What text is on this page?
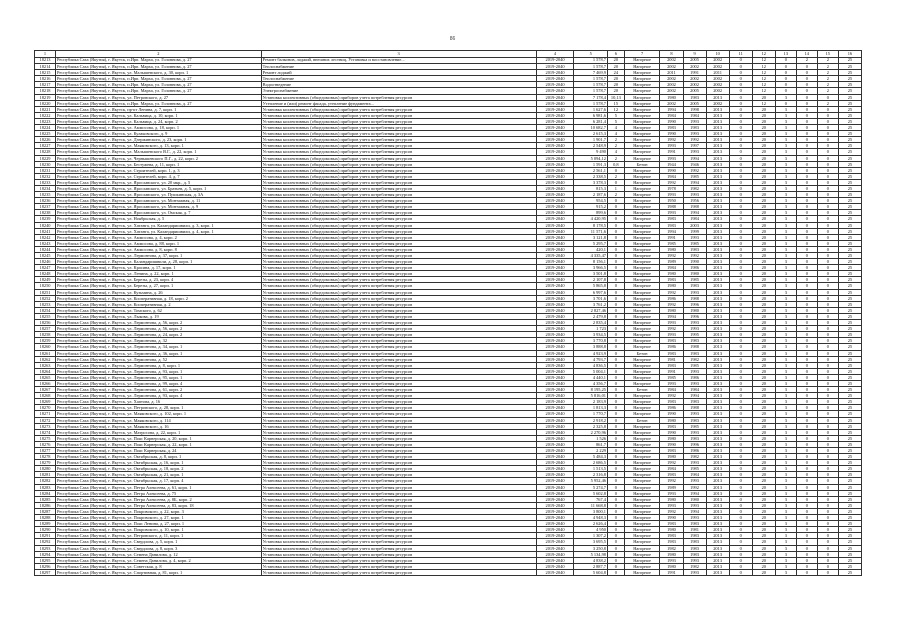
86
1	2	3	4	5	6	7	8	9	10	11	12	13	14	15	16
18213	Республика Саха (Якутия), г. Якутск, п.Ирп. Марха, ул. Головнова, д. 27	Ремонт балконов, лоджий, внешних лестниц, Установка и восстановление...	2019-2040	1 578,7	20	Нагорное	2002	2005	2002	0	12	0	2	2	25
18214	Республика Саха (Якутия), г. Якутск, п.Ирп. Марха, ул. Головнова, д. 27	Теплоснабжение	2019-2040	1 578,7	20	Нагорное	2002	2002	2002	0	12	0	0	2	25
18215	Республика Саха (Якутия), г. Якутск, ул. Малышевского, д. 30, корп. 1	Ремонт лоджий	2019-2040	7 469,9	24	Нагорное	2011	1991	2011	0	12	0	0	2	25
18216	Республика Саха (Якутия), г. Якутск, п.Ирп. Марха, ул. Головнова, д. 27	Теплоснабжение	2019-2040	1 578,7	20	Нагорное	2002	2002	2002	0	12	0	0	2	25
18217	Республика Саха (Якутия), г. Якутск, п.Ирп. Марха, ул. Головнова, д. 27	Водоотведение	2019-2040	1 578,7	20	Нагорное	2002	2002	2002	0	12	0	0	2	25
18218	Республика Саха (Якутия), г. Якутск, п.Ирп. Марха, ул. Головнова, д. 27	Электроснабжение	2019-2040	1 578,7	20	Нагорное	2002	2005	2002	0	12	0	0	2	25
18219	Республика Саха (Якутия), г. Якутск, ул. Петровского, д. 27	Установка коллективных (общедомовых) приборов учета потребления ресурсов	2019-2040	7 178,4	10,13	Нагорное	1980	1983	2013	0	20	3	0	0	25
18220	Республика Саха (Якутия), г. Якутск, п.Ирп. Марха, ул. Головнова, д. 27	Утепление и (или) ремонт фасада, утепление фундамента...	2019-2040	1 578,7	15	Нагорное	2002	2005	2002	0	12	0	0	2	25
18221	Республика Саха (Якутия), г. Якутск, пр-кт Ленина, д. 7, корп. 1	Установка коллективных (общедомовых) приборов учета потребления ресурсов	2019-2040	1 627,6	12	Нагорное	1994	1998	2013	0	20	3	0	0	25
18222	Республика Саха (Якутия), г. Якутск, ул. Кальвица, д. 10, корп. 1	Установка коллективных (общедомовых) приборов учета потребления ресурсов	2019-2040	6 981,6	5	Нагорное	1984	1984	2013	0	20	3	0	0	25
18223	Республика Саха (Якутия), г. Якутск, ул. Кальвица, д. 24, корп. 2	Установка коллективных (общедомовых) приборов учета потребления ресурсов	2019-2040	6 281,4	5	Нагорное	1990	1993	2013	0	20	3	0	0	25
18224	Республика Саха (Якутия), г. Якутск, ул. Аммосова, д. 18, корп. 1	Установка коллективных (общедомовых) приборов учета потребления ресурсов	2019-2040	10 682,7	4	Нагорное	1983	1983	2013	0	20	3	0	0	25
18225	Республика Саха (Якутия), г. Якутск, ул. Кулаковского, д. 9	Установка коллективных (общедомовых) приборов учета потребления ресурсов	2019-2040	2 615,3	4	Нагорное	1990	1993	2013	0	20	3	0	0	25
18226	Республика Саха (Якутия), г. Якутск, ул. Дзержинского, д. 23, корп. 1	Установка коллективных (общедомовых) приборов учета потребления ресурсов	2019-2040	1 901,7	2	Нагорное	1992	1992	2013	0	20	3	0	0	25
18227	Республика Саха (Якутия), г. Якутск, ул. Маяковского, д. 13, корп. 1	Установка коллективных (общедомовых) приборов учета потребления ресурсов	2019-2040	2 548,9	2	Нагорное	1993	1997	2013	0	20	3	0	0	25
18228	Республика Саха (Якутия), г. Якутск, ул. Малышевского В.Г., д. 22, корп. 1	Установка коллективных (общедомовых) приборов учета потребления ресурсов	2019-2040	9 490	4	Нагорное	1991	1993	2013	0	20	3	0	0	25
18229	Республика Саха (Якутия), г. Якутск, ул. Чернышевского П.Г., д. 22, корп. 2	Установка коллективных (общедомовых) приборов учета потребления ресурсов	2019-2040	5 094,12	2	Нагорное	1993	1994	2013	0	20	3	0	0	25
18230	Республика Саха (Якутия), г. Якутск, ул. Бестужева, д. 11, корп. 1	Установка коллективных (общедомовых) приборов учета потребления ресурсов	2019-2040	1 591,3	0,8	Бетон	1944	1946	2013	0	20	3	0	0	25
18231	Республика Саха (Якутия), г. Якутск, ул. Строителей, корп. 1, д. 3	Установка коллективных (общедомовых) приборов учета потребления ресурсов	2019-2040	2 561,1	0	Нагорное	1990	1992	2013	0	20	3	0	0	25
18232	Республика Саха (Якутия), г. Якутск, ул. Строителей, корп. 4, д. 7	Установка коллективных (общедомовых) приборов учета потребления ресурсов	2019-2040	2 338,5	2	Нагорное	1984	1985	2013	0	20	3	0	0	25
18233	Республика Саха (Якутия), г. Якутск, ул. Ярославского, ул. 20 мкр., д. 5	Установка коллективных (общедомовых) приборов учета потребления ресурсов	2019-2040	3 378,3	0	Нагорное	1992	1994	2013	0	20	3	0	0	25
18234	Республика Саха (Якутия), г. Якутск, ул. Ярославского, ул. Братьев, д. 5, корп. 1	Установка коллективных (общедомовых) приборов учета потребления ресурсов	2019-2040	815,3	1	Нагорное	1978	1982	2013	0	20	3	0	0	25
18235	Республика Саха (Якутия), г. Якутск, ул. Ярославского, ул. Пушкинская, д. 3А	Установка коллективных (общедомовых) приборов учета потребления ресурсов	2019-2040	2 187,6	2	Нагорное	1993	1993	2013	0	20	3	0	0	25
18236	Республика Саха (Якутия), г. Якутск, ул. Ярославского, ул. Монтажная, д. 11	Установка коллективных (общедомовых) приборов учета потребления ресурсов	2019-2040	954,5	0	Нагорное	1950	1956	2013	0	20	3	0	0	25
18237	Республика Саха (Якутия), г. Якутск, ул. Ярославского, ул. Монтажная, д. 9	Установка коллективных (общедомовых) приборов учета потребления ресурсов	2019-2040	915,2	0	Нагорное	1988	1988	2013	0	20	3	0	0	25
18238	Республика Саха (Якутия), г. Якутск, ул. Ярославского, ул. Омская, д. 7	Установка коллективных (общедомовых) приборов учета потребления ресурсов	2019-2040	899,6	0	Нагорное	1993	1994	2013	0	20	3	0	0	25
18239	Республика Саха (Якутия), г. Якутск, ул. Ноябрьская, д. 5	Установка коллективных (общедомовых) приборов учета потребления ресурсов	2019-2040	4 420,95	0	Нагорное	1983	1984	2013	0	20	3	0	0	25
18240	Республика Саха (Якутия), г. Якутск, ул. Хатанга, ул. Каландаришвили, д. 3, корп. 1	Установка коллективных (общедомовых) приборов учета потребления ресурсов	2019-2040	8 178,5	0	Нагорное	1983	2003	2013	0	20	3	0	0	25
18241	Республика Саха (Якутия), г. Якутск, ул. Хатанга, ул. Каландаришвили, д. 4, корп. 1	Установка коллективных (общедомовых) приборов учета потребления ресурсов	2019-2040	11 571,6	0	Нагорное	1994	1999	2013	0	20	3	0	0	25
18242	Республика Саха (Якутия), г. Якутск, ул. Аммосова, д. 4, корп. 2	Установка коллективных (общедомовых) приборов учета потребления ресурсов	2019-2040	3 121,8	0	Нагорное	1991	1993	2013	0	20	3	0	0	25
18243	Республика Саха (Якутия), г. Якутск, ул. Аммосова, д. 88, корп. 1	Установка коллективных (общедомовых) приборов учета потребления ресурсов	2019-2040	5 295,7	0	Нагорное	1985	1985	2013	0	20	3	0	0	25
18244	Республика Саха (Якутия), г. Якутск, ул. Аммосова, д. 8, корп. 8	Установка коллективных (общедомовых) приборов учета потребления ресурсов	2019-2040	420,1	0	Нагорное	1980	1983	2013	0	20	3	0	0	25
18245	Республика Саха (Якутия), г. Якутск, ул. Лермонтова, д. 37, корп. 1	Установка коллективных (общедомовых) приборов учета потребления ресурсов	2019-2040	4 335,47	0	Нагорное	1992	1992	2013	0	20	3	0	0	25
18246	Республика Саха (Якутия), г. Якутск, ул. Каландаришвили, д. 28, корп. 1	Установка коллективных (общедомовых) приборов учета потребления ресурсов	2019-2040	8 156,1	0	Нагорное	1989	1990	2013	0	20	3	0	0	25
18247	Республика Саха (Якутия), г. Якутск, ул. Красина, д. 17, корп. 1	Установка коллективных (общедомовых) приборов учета потребления ресурсов	2019-2040	3 966,5	0	Нагорное	1984	1986	2013	0	20	3	0	0	25
18248	Республика Саха (Якутия), г. Якутск, ул. Ленина, д. 22, корп. 1	Установка коллективных (общедомовых) приборов учета потребления ресурсов	2019-2040	3 501,8	0	Нагорное	1980	1980	2013	0	20	3	0	0	25
18249	Республика Саха (Якутия), г. Якутск, ул. Березы, д. 23, корп. 4	Установка коллективных (общедомовых) приборов учета потребления ресурсов	2019-2040	2 107,8	0	Нагорное	1983	1985	2013	0	20	3	0	0	25
18250	Республика Саха (Якутия), г. Якутск, ул. Березы, д. 27, корп. 1	Установка коллективных (общедомовых) приборов учета потребления ресурсов	2019-2040	5 865,8	0	Нагорное	1980	1983	2013	0	20	3	0	0	25
18251	Республика Саха (Якутия), г. Якутск, ул. Кузьмина, д. 26	Установка коллективных (общедомовых) приборов учета потребления ресурсов	2019-2040	6 997,6	0	Нагорное	1992	1993	2013	0	20	3	0	0	25
18252	Республика Саха (Якутия), г. Якутск, ул. Кооперативная, д. 18, корп. 2	Установка коллективных (общедомовых) приборов учета потребления ресурсов	2019-2040	3 701,6	0	Нагорное	1986	1988	2013	0	20	3	0	0	25
18253	Республика Саха (Якутия), г. Якутск, ул. Кооперативная, д. 2	Установка коллективных (общедомовых) приборов учета потребления ресурсов	2019-2040	3 761,2	0	Нагорное	1992	1996	2013	0	20	3	0	0	25
18254	Республика Саха (Якутия), г. Якутск, ул. Томского, д. 62	Установка коллективных (общедомовых) приборов учета потребления ресурсов	2019-2040	2 827,46	0	Нагорное	1980	1980	2013	0	20	3	0	0	25
18255	Республика Саха (Якутия), г. Якутск, ул. Лыкова, д. 19	Установка коллективных (общедомовых) приборов учета потребления ресурсов	2019-2040	2 479,8	0	Нагорное	1994	1996	2013	0	20	3	0	0	25
18256	Республика Саха (Якутия), г. Якутск, ул. Лермонтова, д. 56, корп. 2	Установка коллективных (общедомовых) приборов учета потребления ресурсов	2019-2040	2 835,4	0	Нагорное	1993	1993	2013	0	20	3	0	0	25
18257	Республика Саха (Якутия), г. Якутск, ул. Лермонтова, д. 56, корп. 2	Установка коллективных (общедомовых) приборов учета потребления ресурсов	2019-2040	1 723	0	Нагорное	1992	1993	2013	0	20	3	0	0	25
18258	Республика Саха (Якутия), г. Якутск, ул. Лермонтова, д. 24, корп. 2	Установка коллективных (общедомовых) приборов учета потребления ресурсов	2019-2040	3 934,5	0	Нагорное	1993	1995	2013	0	20	3	0	0	25
18259	Республика Саха (Якутия), г. Якутск, ул. Лермонтова, д. 32	Установка коллективных (общедомовых) приборов учета потребления ресурсов	2019-2040	3 770,8	0	Нагорное	1983	1983	2013	0	20	3	0	0	25
18260	Республика Саха (Якутия), г. Якутск, ул. Лермонтова, д. 34, корп. 1	Установка коллективных (общедомовых) приборов учета потребления ресурсов	2019-2040	3 888,8	0	Нагорное	1986	1988	2013	0	20	3	0	0	25
18261	Республика Саха (Якутия), г. Якутск, ул. Лермонтова, д. 36, корп. 1	Установка коллективных (общедомовых) приборов учета потребления ресурсов	2019-2040	4 923,9	0	Бетон	1983	1983	2013	0	20	3	0	0	25
18262	Республика Саха (Якутия), г. Якутск, ул. Лермонтова, д. 52	Установка коллективных (общедомовых) приборов учета потребления ресурсов	2019-2040	4 793,7	0	Нагорное	1981	1982	2013	0	20	3	0	0	25
18263	Республика Саха (Якутия), г. Якутск, ул. Лермонтова, д. 8, корп. 1	Установка коллективных (общедомовых) приборов учета потребления ресурсов	2019-2040	4 836,5	0	Нагорное	1983	1985	2013	0	20	3	0	0	25
18264	Республика Саха (Якутия), г. Якутск, ул. Лермонтова, д. 93, корп. 1	Установка коллективных (общедомовых) приборов учета потребления ресурсов	2019-2040	5 004,1	0	Нагорное	1991	1993	2013	0	20	3	0	0	25
18265	Республика Саха (Якутия), г. Якутск, ул. Лермонтова, д. 95, корп. 1	Установка коллективных (общедомовых) приборов учета потребления ресурсов	2019-2040	4 440,1	0	Нагорное	1985	1986	2013	0	20	3	0	0	25
18266	Республика Саха (Якутия), г. Якутск, ул. Лермонтова, д. 99, корп. 4	Установка коллективных (общедомовых) приборов учета потребления ресурсов	2019-2040	4 356,7	0	Нагорное	1993	1993	2013	0	20	3	0	0	25
18267	Республика Саха (Якутия), г. Якутск, ул. Лермонтова, д. 61, корп. 2	Установка коллективных (общедомовых) приборов учета потребления ресурсов	2019-2040	8 195,25	0	Бетон	1984	1984	2013	0	20	3	0	0	25
18268	Республика Саха (Якутия), г. Якутск, ул. Лермонтова, д. 93, корп. 4	Установка коллективных (общедомовых) приборов учета потребления ресурсов	2019-2040	5 816,01	0	Нагорное	1992	1994	2013	0	20	3	0	0	25
18269	Республика Саха (Якутия), г. Якутск, ул. Хаптова, д. 16	Установка коллективных (общедомовых) приборов учета потребления ресурсов	2019-2040	2 183,9	0	Нагорное	1983	1983	2013	0	20	3	0	0	25
18270	Республика Саха (Якутия), г. Якутск, ул. Петровского, д. 28, корп. 1	Установка коллективных (общедомовых) приборов учета потребления ресурсов	2019-2040	1 813,3	0	Нагорное	1986	1988	2013	0	20	3	0	0	25
18271	Республика Саха (Якутия), г. Якутск, ул. Маяковского, д. 102, корп. 1	Установка коллективных (общедомовых) приборов учета потребления ресурсов	2019-2040	1 770,7	0	Нагорное	1990	1993	2013	0	20	3	0	0	25
18272	Республика Саха (Якутия), г. Якутск, ул. Маяковского, д. 114	Установка коллективных (общедомовых) приборов учета потребления ресурсов	2019-2040	2 918,2	0	Бетон	1980	1983	2013	0	20	3	0	0	25
18273	Республика Саха (Якутия), г. Якутск, ул. Маяковского, д. 16	Установка коллективных (общедомовых) приборов учета потребления ресурсов	2019-2040	2 325,8	0	Нагорное	1983	1985	2013	0	20	3	0	0	25
18274	Республика Саха (Якутия), г. Якутск, ул. Матросова, д. 22, корп. 1	Установка коллективных (общедомовых) приборов учета потребления ресурсов	2019-2040	2 270,96	0	Нагорное	1990	1993	2013	0	20	3	0	0	25
18275	Республика Саха (Якутия), г. Якутск, ул. Пояс Карнерская, д. 20, корп. 1	Установка коллективных (общедомовых) приборов учета потребления ресурсов	2019-2040	1 526	0	Нагорное	1980	1983	2013	0	20	3	0	0	25
18276	Республика Саха (Якутия), г. Якутск, ул. Пояс Карнерская, д. 22, корп. 1	Установка коллективных (общедомовых) приборов учета потребления ресурсов	2019-2040	861,7	0	Нагорное	1990	1996	2013	0	20	3	0	0	25
18277	Республика Саха (Якутия), г. Якутск, ул. Пояс Карнерская, д. 24	Установка коллективных (общедомовых) приборов учета потребления ресурсов	2019-2040	2 229	0	Нагорное	1983	1986	2013	0	20	3	0	0	25
18278	Республика Саха (Якутия), г. Якутск, ул. Октябрьская, д. 8, корп. 1	Установка коллективных (общедомовых) приборов учета потребления ресурсов	2019-2040	5 484,3	0	Нагорное	1980	1982	2013	0	20	3	0	0	25
18279	Республика Саха (Якутия), г. Якутск, ул. Октябрьская, д. 16, корп. 1	Установка коллективных (общедомовых) приборов учета потребления ресурсов	2019-2040	2 686,5	0	Нагорное	1992	1993	2013	0	20	3	0	0	25
18280	Республика Саха (Якутия), г. Якутск, ул. Октябрьская, д. 18, корп. 2	Установка коллективных (общедомовых) приборов учета потребления ресурсов	2019-2040	1 513,5	0	Нагорное	1984	1985	2013	0	20	3	0	0	25
18281	Республика Саха (Якутия), г. Якутск, ул. Октябрьская, д. 21, корп. 1	Установка коллективных (общедомовых) приборов учета потребления ресурсов	2019-2040	2 316,8	0	Нагорное	1983	1984	2013	0	20	3	0	0	25
18282	Республика Саха (Якутия), г. Якутск, ул. Октябрьская, д. 17, корп. 4	Установка коллективных (общедомовых) приборов учета потребления ресурсов	2019-2040	5 952,46	0	Нагорное	1992	1993	2013	0	20	3	0	0	25
18283	Республика Саха (Якутия), г. Якутск, ул. Петра Алексеева, д. 61, корп. 1	Установка коллективных (общедомовых) приборов учета потребления ресурсов	2019-2040	5 274,7	0	Нагорное	1989	1992	2013	0	20	3	0	0	25
18284	Республика Саха (Якутия), г. Якутск, ул. Петра Алексеева, д. 75	Установка коллективных (общедомовых) приборов учета потребления ресурсов	2019-2040	5 602,8	0	Нагорное	1993	1994	2013	0	20	3	0	0	25
18285	Республика Саха (Якутия), г. Якутск, ул. Петра Алексеева, д. 8Б, корп. 2	Установка коллективных (общедомовых) приборов учета потребления ресурсов	2019-2040	767,4	0	Нагорное	1980	1980	2013	0	20	3	0	0	25
18286	Республика Саха (Якутия), г. Якутск, ул. Петра Алексеева, д. 83, корп. 18	Установка коллективных (общедомовых) приборов учета потребления ресурсов	2019-2040	11 668,8	0	Нагорное	1993	1993	2013	0	20	3	0	0	25
18287	Республика Саха (Якутия), г. Якутск, ул. Покровского, д. 22, корп. 3	Установка коллективных (общедомовых) приборов учета потребления ресурсов	2019-2040	3 800,1	0	Нагорное	1992	1994	2013	0	20	3	0	0	25
18288	Республика Саха (Якутия), г. Якутск, ул. Покровского, д. 27, корп. 1	Установка коллективных (общедомовых) приборов учета потребления ресурсов	2019-2040	4 948,3	0	Нагорное	1990	1993	2013	0	20	3	0	0	25
18289	Республика Саха (Якутия), г. Якутск, ул. Пояс Ленина, д. 27, корп. 1	Установка коллективных (общедомовых) приборов учета потребления ресурсов	2019-2040	2 626,4	0	Нагорное	1983	1983	2013	0	20	3	0	0	25
18290	Республика Саха (Якутия), г. Якутск, ул. Покровского, д. 10, корп. 1	Установка коллективных (общедомовых) приборов учета потребления ресурсов	2019-2040	4 950	0	Нагорное	1980	1981	2013	0	20	3	0	0	25
18291	Республика Саха (Якутия), г. Якутск, ул. Петровского, д. 11, корп. 1	Установка коллективных (общедомовых) приборов учета потребления ресурсов	2019-2040	1 307,2	0	Нагорное	1983	1983	2013	0	20	3	0	0	25
18292	Республика Саха (Якутия), г. Якутск, ул. Свердлова, д. 5, корп. 1	Установка коллективных (общедомовых) приборов учета потребления ресурсов	2019-2040	3 695,5	0	Нагорное	1983	1983	2013	0	20	3	0	0	25
18293	Республика Саха (Якутия), г. Якутск, ул. Свердлова, д. 8, корп. 3	Установка коллективных (общедомовых) приборов учета потребления ресурсов	2019-2040	3 250,8	0	Нагорное	1982	1983	2013	0	20	3	0	0	25
18294	Республика Саха (Якутия), г. Якутск, ул. Семена Данилова, д. 12	Установка коллективных (общедомовых) приборов учета потребления ресурсов	2019-2040	5 134,98	0	Нагорное	1980	1983	2013	0	20	3	0	0	25
18295	Республика Саха (Якутия), г. Якутск, ул. Семена Данилова, д. 4, корп. 2	Установка коллективных (общедомовых) приборов учета потребления ресурсов	2019-2040	4 838,2	0	Нагорное	1993	1993	2013	0	20	3	0	0	25
18296	Республика Саха (Якутия), г. Якутск, ул. Советская, д. 8	Установка коллективных (общедомовых) приборов учета потребления ресурсов	2019-2040	2 887,7	0	Нагорное	1980	1982	2013	0	20	3	0	0	25
18297	Республика Саха (Якутия), г. Якутск, ул. Спортивная, д. 81, корп. 1	Установка коллективных (общедомовых) приборов учета потребления ресурсов	2019-2040	5 604,8	0	Нагорное	1991	1993	2013	0	20	3	0	0	25
